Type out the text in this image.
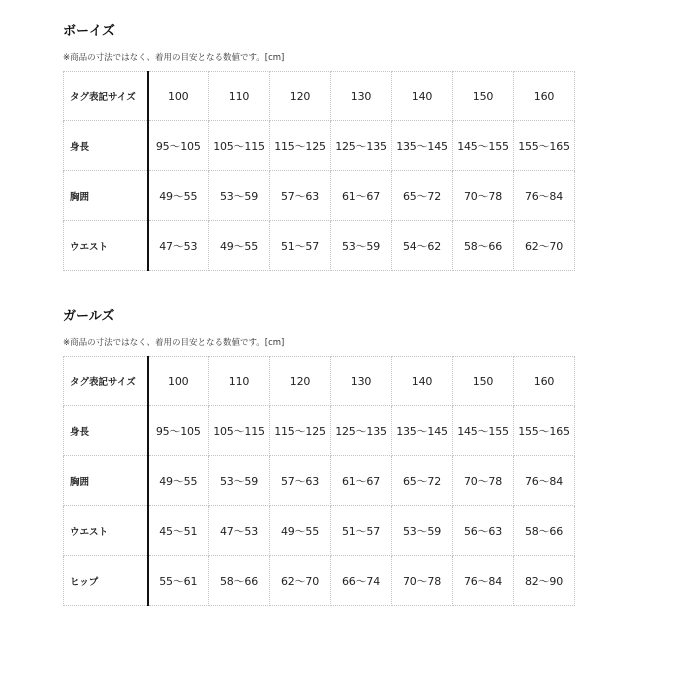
ボーイズ
※商品の寸法ではなく、着用の目安となる数値です。[cm]
タグ表記サイズ	100	110	120	130	140	150	160
身長	95〜105	105〜115	115〜125	125〜135	135〜145	145〜155	155〜165
胸囲	49〜55	53〜59	57〜63	61〜67	65〜72	70〜78	76〜84
ウエスト	47〜53	49〜55	51〜57	53〜59	54〜62	58〜66	62〜70
ガールズ
※商品の寸法ではなく、着用の目安となる数値です。[cm]
タグ表記サイズ	100	110	120	130	140	150	160
身長	95〜105	105〜115	115〜125	125〜135	135〜145	145〜155	155〜165
胸囲	49〜55	53〜59	57〜63	61〜67	65〜72	70〜78	76〜84
ウエスト	45〜51	47〜53	49〜55	51〜57	53〜59	56〜63	58〜66
ヒップ	55〜61	58〜66	62〜70	66〜74	70〜78	76〜84	82〜90
